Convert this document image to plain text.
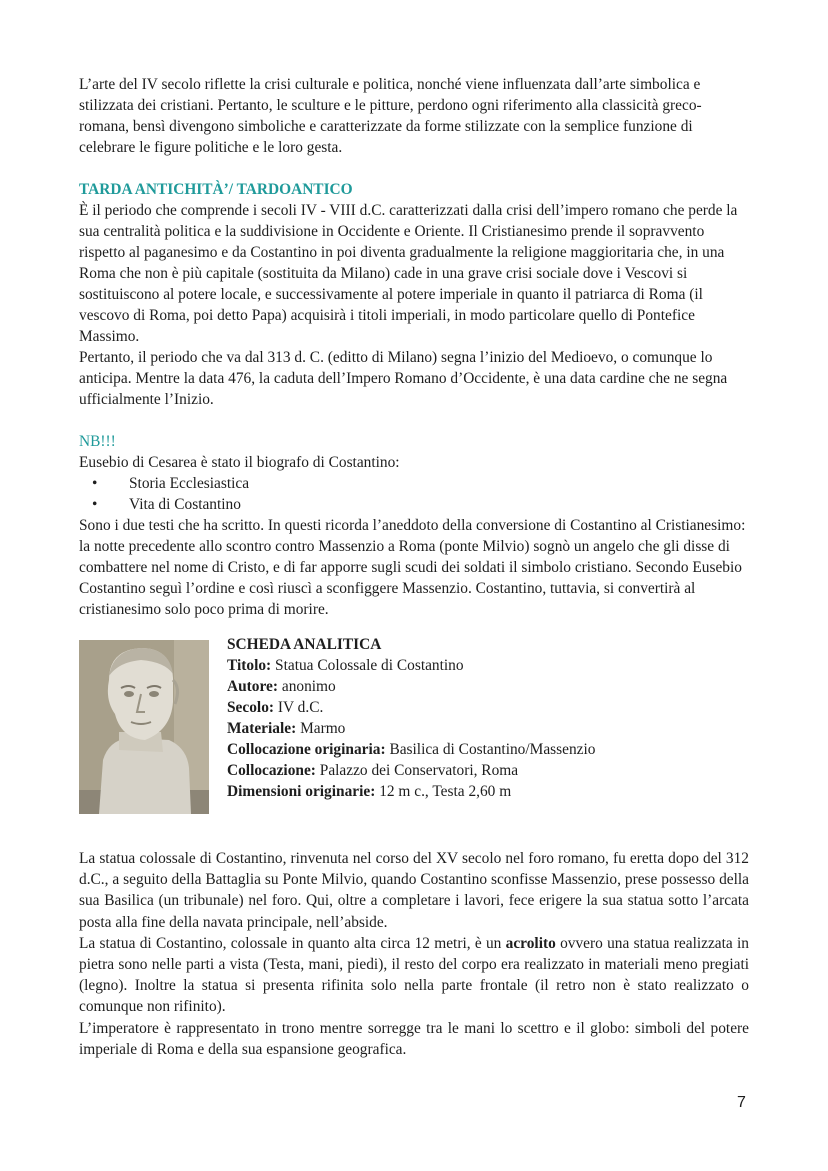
L’arte del IV secolo riflette la crisi culturale e politica, nonché viene influenzata dall’arte simbolica e stilizzata dei cristiani. Pertanto, le sculture e le pitture, perdono ogni riferimento alla classicità greco-romana, bensì divengono simboliche e caratterizzate da forme stilizzate con la semplice funzione di celebrare le figure politiche e le loro gesta.

TARDA ANTICHITÀ’/ TARDOANTICO

È il periodo che comprende i secoli IV - VIII d.C. caratterizzati dalla crisi dell’impero romano che perde la sua centralità politica e la suddivisione in Occidente e Oriente. Il Cristianesimo prende il sopravvento rispetto al paganesimo e da Costantino in poi diventa gradualmente la religione maggioritaria che, in una Roma che non è più capitale (sostituita da Milano) cade in una grave crisi sociale dove i Vescovi si sostituiscono al potere locale, e successivamente al potere imperiale in quanto il patriarca di Roma (il vescovo di Roma, poi detto Papa) acquisirà i titoli imperiali, in modo particolare quello di Pontefice Massimo.

Pertanto, il periodo che va dal 313 d. C. (editto di Milano) segna l’inizio del Medioevo, o comunque lo anticipa. Mentre la data 476, la caduta dell’Impero Romano d’Occidente, è una data cardine che ne segna ufficialmente l’Inizio.

NB!!!

Eusebio di Cesarea è stato il biografo di Costantino:

• Storia Ecclesiastica
• Vita di Costantino

Sono i due testi che ha scritto. In questi ricorda l’aneddoto della conversione di Costantino al Cristianesimo: la notte precedente allo scontro contro Massenzio a Roma (ponte Milvio) sognò un angelo che gli disse di combattere nel nome di Cristo, e di far apporre sugli scudi dei soldati il simbolo cristiano. Secondo Eusebio Costantino seguì l’ordine e così riuscì a sconfiggere Massenzio. Costantino, tuttavia, si convertirà al cristianesimo solo poco prima di morire.

SCHEDA ANALITICA

Titolo: Statua Colossale di Costantino

Autore: anonimo

Secolo: IV d.C.

Materiale: Marmo

Collocazione originaria: Basilica di Costantino/Massenzio

Collocazione: Palazzo dei Conservatori, Roma

Dimensioni originarie: 12 m c., Testa 2,60 m

La statua colossale di Costantino, rinvenuta nel corso del XV secolo nel foro romano, fu eretta dopo del 312 d.C., a seguito della Battaglia su Ponte Milvio, quando Costantino sconfisse Massenzio, prese possesso della sua Basilica (un tribunale) nel foro. Qui, oltre a completare i lavori, fece erigere la sua statua sotto l’arcata posta alla fine della navata principale, nell’abside.

La statua di Costantino, colossale in quanto alta circa 12 metri, è un acrolito ovvero una statua realizzata in pietra sono nelle parti a vista (Testa, mani, piedi), il resto del corpo era realizzato in materiali meno pregiati (legno). Inoltre la statua si presenta rifinita solo nella parte frontale (il retro non è stato realizzato o comunque non rifinito).

L’imperatore è rappresentato in trono mentre sorregge tra le mani lo scettro e il globo: simboli del potere imperiale di Roma e della sua espansione geografica.

7
